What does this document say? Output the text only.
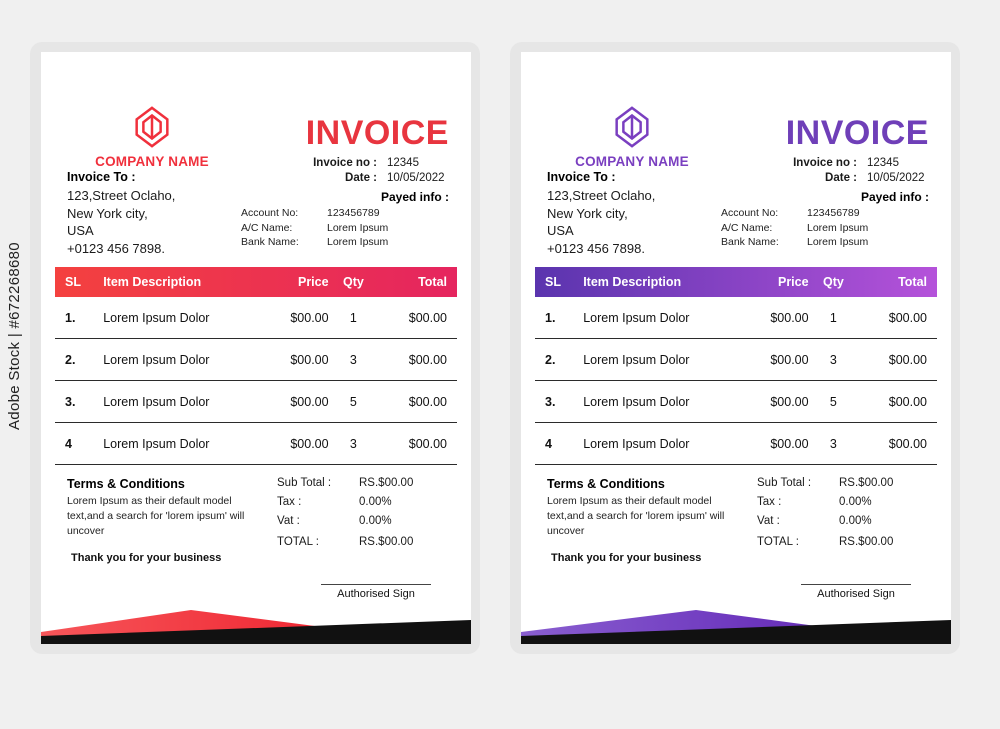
Adobe Stock | #672268680
COMPANY NAME
INVOICE
Invoice no : 12345
Date : 10/05/2022
Payed info :
Account No:	123456789
A/C Name:	Lorem Ipsum
Bank Name:	Lorem Ipsum
Invoice To :
123,Street Oclaho,
New York city,
USA
+0123 456 7898.
SL	Item Description	Price	Qty	Total
1.	Lorem Ipsum Dolor	$00.00	1	$00.00
2.	Lorem Ipsum Dolor	$00.00	3	$00.00
3.	Lorem Ipsum Dolor	$00.00	5	$00.00
4	Lorem Ipsum Dolor	$00.00	3	$00.00
Terms & Conditions
Lorem Ipsum as their default model text,and a search for 'lorem ipsum' will uncover
Thank you for your business
Sub Total :	RS.$00.00
Tax :	0.00%
Vat :	0.00%
TOTAL :	RS.$00.00
Authorised Sign
COMPANY NAME
INVOICE
Invoice no : 12345
Date : 10/05/2022
Payed info :
Account No:	123456789
A/C Name:	Lorem Ipsum
Bank Name:	Lorem Ipsum
Invoice To :
123,Street Oclaho,
New York city,
USA
+0123 456 7898.
SL	Item Description	Price	Qty	Total
1.	Lorem Ipsum Dolor	$00.00	1	$00.00
2.	Lorem Ipsum Dolor	$00.00	3	$00.00
3.	Lorem Ipsum Dolor	$00.00	5	$00.00
4	Lorem Ipsum Dolor	$00.00	3	$00.00
Terms & Conditions
Lorem Ipsum as their default model text,and a search for 'lorem ipsum' will uncover
Thank you for your business
Sub Total :	RS.$00.00
Tax :	0.00%
Vat :	0.00%
TOTAL :	RS.$00.00
Authorised Sign
